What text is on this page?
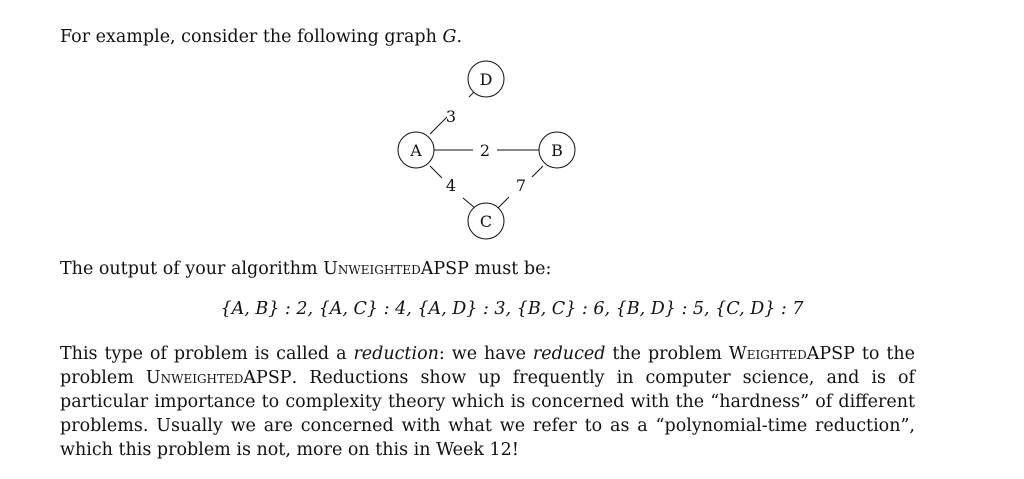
For example, consider the following graph G.
3
2
4	7
A	B
C
D
The output of your algorithm UnweightedAPSP must be:
{A, B} : 2, {A, C} : 4, {A, D} : 3, {B, C} : 6, {B, D} : 5, {C, D} : 7
This type of problem is called a reduction: we have reduced the problem WeightedAPSP to the problem UnweightedAPSP. Reductions show up frequently in computer science, and is of particular importance to complexity theory which is concerned with the “hardness” of different problems. Usually we are concerned with what we refer to as a “polynomial-time reduction”, which this problem is not, more on this in Week 12!
